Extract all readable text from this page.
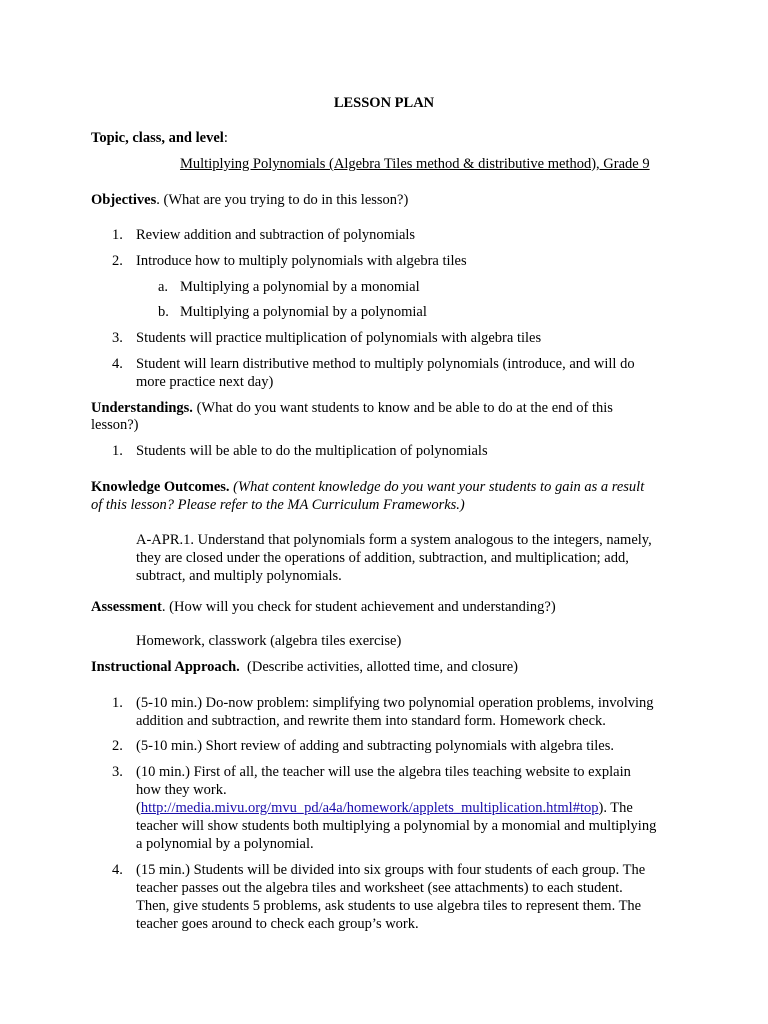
LESSON PLAN
Topic, class, and level:
Multiplying Polynomials (Algebra Tiles method & distributive method), Grade 9
Objectives. (What are you trying to do in this lesson?)
1. Review addition and subtraction of polynomials
2. Introduce how to multiply polynomials with algebra tiles
a. Multiplying a polynomial by a monomial
b. Multiplying a polynomial by a polynomial
3. Students will practice multiplication of polynomials with algebra tiles
4. Student will learn distributive method to multiply polynomials (introduce, and will do
more practice next day)
Understandings. (What do you want students to know and be able to do at the end of this
lesson?)
1. Students will be able to do the multiplication of polynomials
Knowledge Outcomes. (What content knowledge do you want your students to gain as a result
of this lesson? Please refer to the MA Curriculum Frameworks.)
A-APR.1. Understand that polynomials form a system analogous to the integers, namely,
they are closed under the operations of addition, subtraction, and multiplication; add,
subtract, and multiply polynomials.
Assessment. (How will you check for student achievement and understanding?)
Homework, classwork (algebra tiles exercise)
Instructional Approach.  (Describe activities, allotted time, and closure)
1. (5-10 min.) Do-now problem: simplifying two polynomial operation problems, involving
addition and subtraction, and rewrite them into standard form. Homework check.
2. (5-10 min.) Short review of adding and subtracting polynomials with algebra tiles.
3. (10 min.) First of all, the teacher will use the algebra tiles teaching website to explain
how they work.
(http://media.mivu.org/mvu_pd/a4a/homework/applets_multiplication.html#top). The
teacher will show students both multiplying a polynomial by a monomial and multiplying
a polynomial by a polynomial.
4. (15 min.) Students will be divided into six groups with four students of each group. The
teacher passes out the algebra tiles and worksheet (see attachments) to each student.
Then, give students 5 problems, ask students to use algebra tiles to represent them. The
teacher goes around to check each group’s work.
